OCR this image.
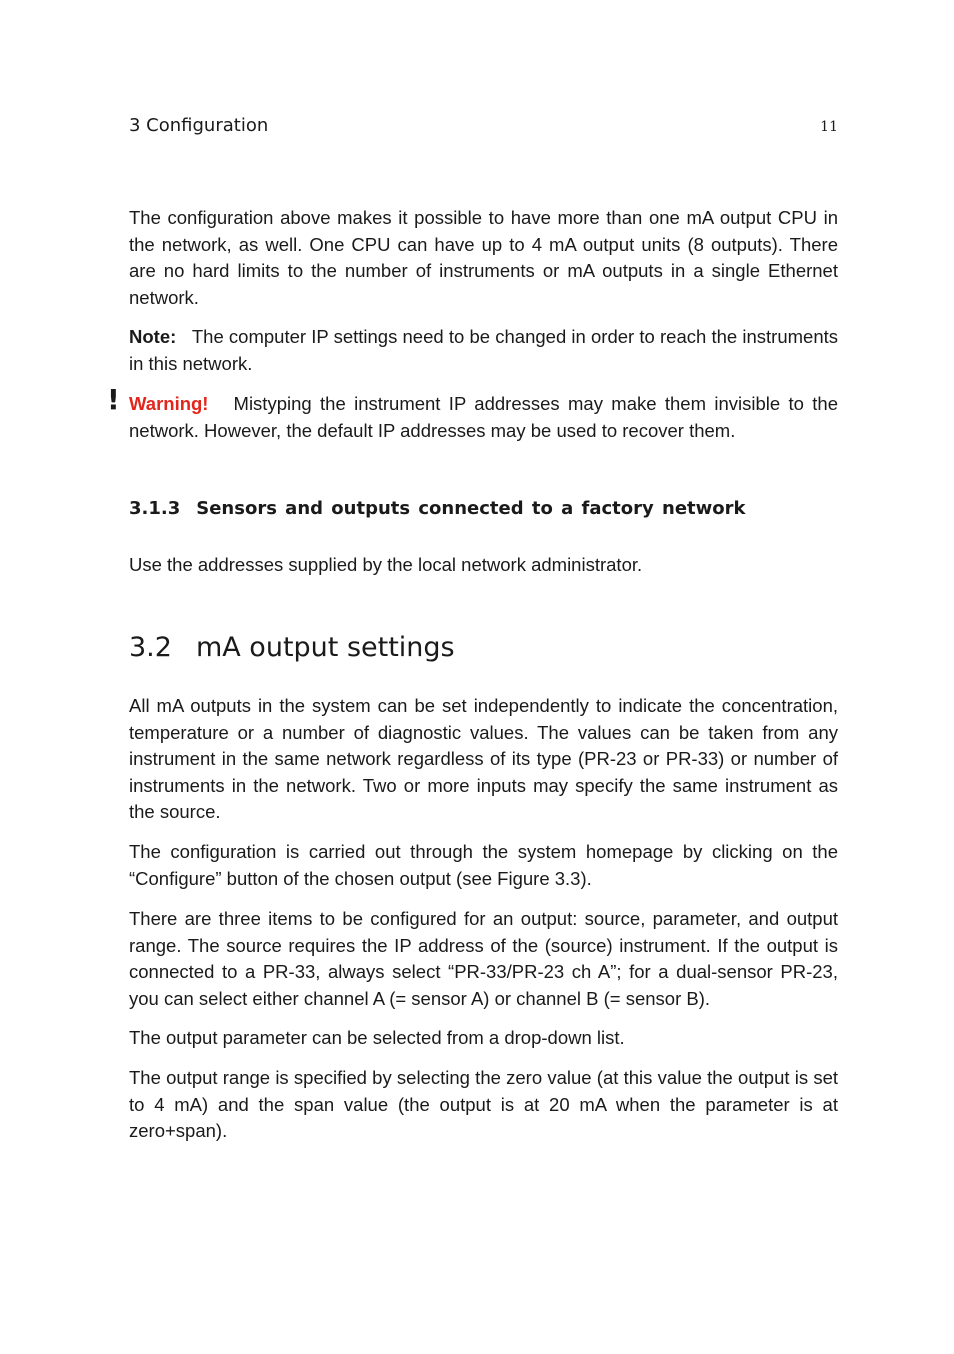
3 Configuration	11

The configuration above makes it possible to have more than one mA output CPU in the network, as well. One CPU can have up to 4 mA output units (8 outputs). There are no hard limits to the number of instruments or mA outputs in a single Ethernet network.

Note: The computer IP settings need to be changed in order to reach the instruments in this network.

! Warning! Mistyping the instrument IP addresses may make them invisible to the network. However, the default IP addresses may be used to recover them.

3.1.3 Sensors and outputs connected to a factory network

Use the addresses supplied by the local network administrator.

3.2 mA output settings

All mA outputs in the system can be set independently to indicate the concentration, temperature or a number of diagnostic values. The values can be taken from any instrument in the same network regardless of its type (PR-23 or PR-33) or number of instruments in the network. Two or more inputs may specify the same instrument as the source.

The configuration is carried out through the system homepage by clicking on the “Configure” button of the chosen output (see Figure 3.3).

There are three items to be configured for an output: source, parameter, and output range. The source requires the IP address of the (source) instrument. If the output is connected to a PR-33, always select “PR-33/PR-23 ch A”; for a dual-sensor PR-23, you can select either channel A (= sensor A) or channel B (= sensor B).

The output parameter can be selected from a drop-down list.

The output range is specified by selecting the zero value (at this value the output is set to 4 mA) and the span value (the output is at 20 mA when the parameter is at zero+span).
